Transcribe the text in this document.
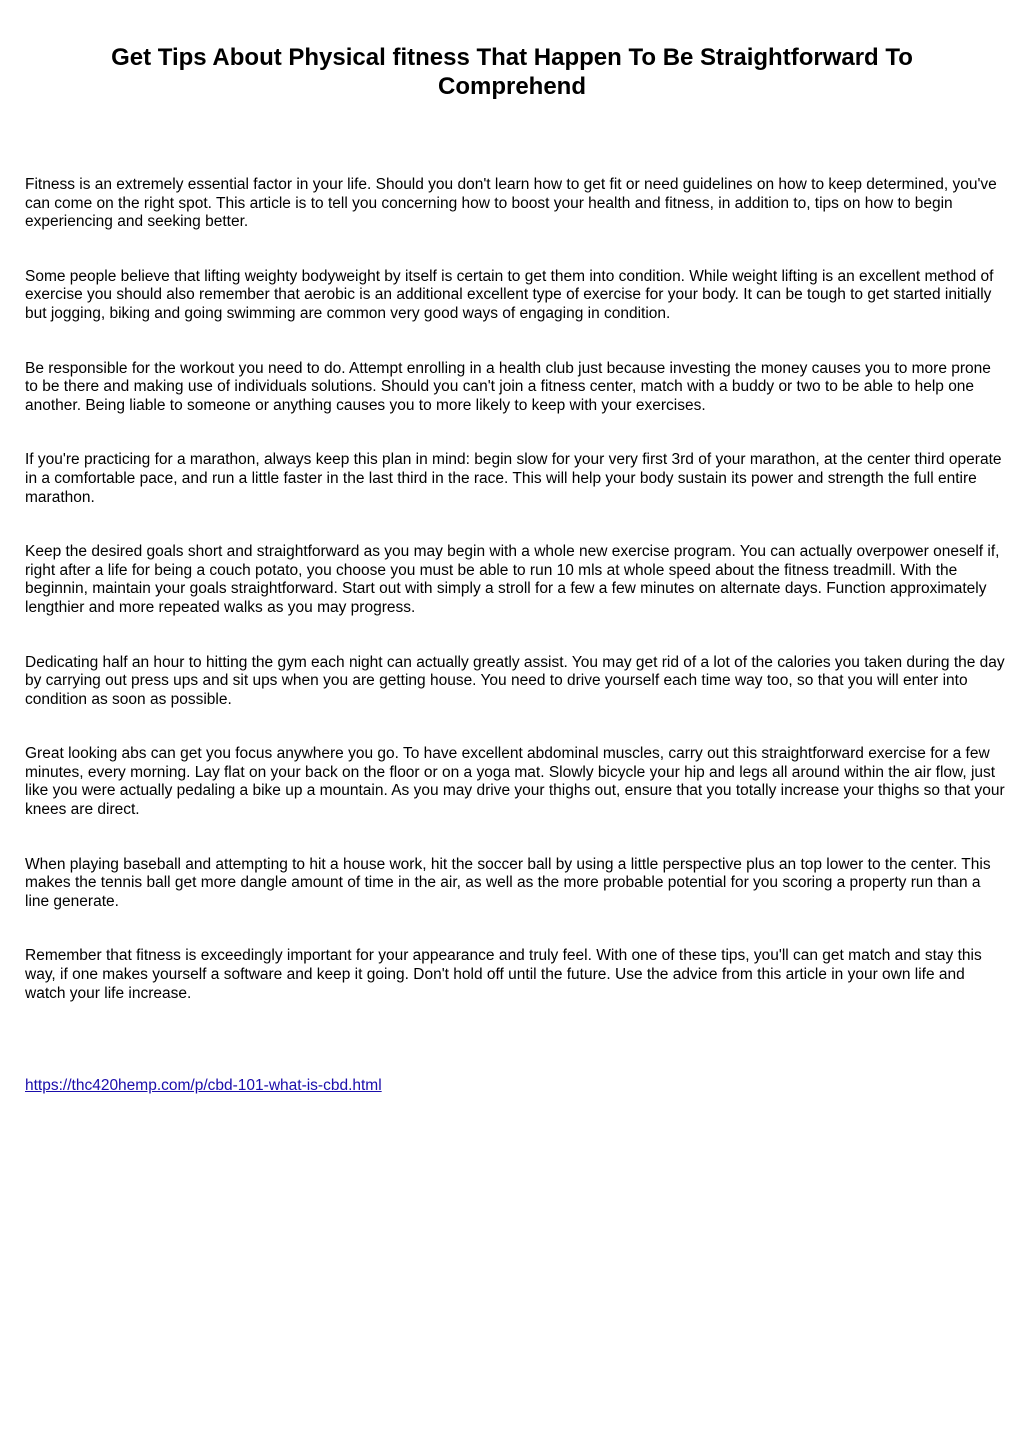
Get Tips About Physical fitness That Happen To Be Straightforward To Comprehend

Fitness is an extremely essential factor in your life. Should you don't learn how to get fit or need guidelines on how to keep determined, you've can come on the right spot. This article is to tell you concerning how to boost your health and fitness, in addition to, tips on how to begin experiencing and seeking better.

Some people believe that lifting weighty bodyweight by itself is certain to get them into condition. While weight lifting is an excellent method of exercise you should also remember that aerobic is an additional excellent type of exercise for your body. It can be tough to get started initially but jogging, biking and going swimming are common very good ways of engaging in condition.

Be responsible for the workout you need to do. Attempt enrolling in a health club just because investing the money causes you to more prone to be there and making use of individuals solutions. Should you can't join a fitness center, match with a buddy or two to be able to help one another. Being liable to someone or anything causes you to more likely to keep with your exercises.

If you're practicing for a marathon, always keep this plan in mind: begin slow for your very first 3rd of your marathon, at the center third operate in a comfortable pace, and run a little faster in the last third in the race. This will help your body sustain its power and strength the full entire marathon.

Keep the desired goals short and straightforward as you may begin with a whole new exercise program. You can actually overpower oneself if, right after a life for being a couch potato, you choose you must be able to run 10 mls at whole speed about the fitness treadmill. With the beginnin, maintain your goals straightforward. Start out with simply a stroll for a few a few minutes on alternate days. Function approximately lengthier and more repeated walks as you may progress.

Dedicating half an hour to hitting the gym each night can actually greatly assist. You may get rid of a lot of the calories you taken during the day by carrying out press ups and sit ups when you are getting house. You need to drive yourself each time way too, so that you will enter into condition as soon as possible.

Great looking abs can get you focus anywhere you go. To have excellent abdominal muscles, carry out this straightforward exercise for a few minutes, every morning. Lay flat on your back on the floor or on a yoga mat. Slowly bicycle your hip and legs all around within the air flow, just like you were actually pedaling a bike up a mountain. As you may drive your thighs out, ensure that you totally increase your thighs so that your knees are direct.

When playing baseball and attempting to hit a house work, hit the soccer ball by using a little perspective plus an top lower to the center. This makes the tennis ball get more dangle amount of time in the air, as well as the more probable potential for you scoring a property run than a line generate.

Remember that fitness is exceedingly important for your appearance and truly feel. With one of these tips, you'll can get match and stay this way, if one makes yourself a software and keep it going. Don't hold off until the future. Use the advice from this article in your own life and watch your life increase.

https://thc420hemp.com/p/cbd-101-what-is-cbd.html
